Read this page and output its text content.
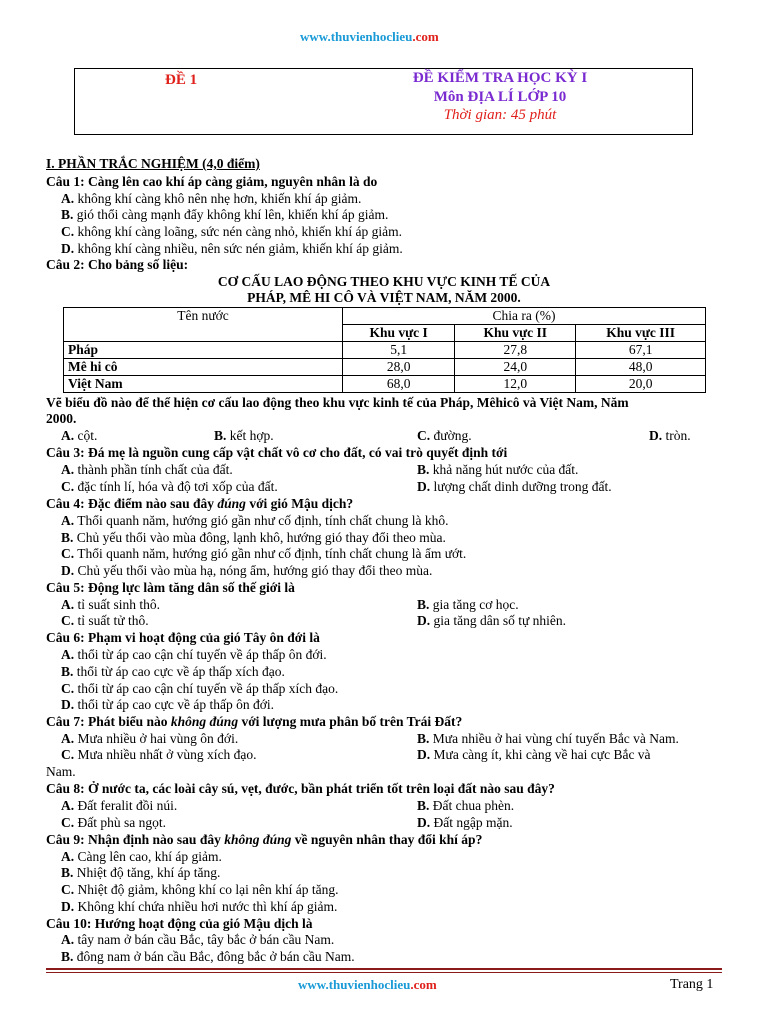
www.thuvienhoclieu.com
ĐỀ 1	ĐỀ KIỂM TRA HỌC KỲ I
Môn ĐỊA LÍ LỚP 10
Thời gian: 45 phút
I. PHẦN TRẮC NGHIỆM (4,0 điểm)
Câu 1: Càng lên cao khí áp càng giảm, nguyên nhân là do
A. không khí càng khô nên nhẹ hơn, khiến khí áp giảm.
B. gió thổi càng mạnh đẩy không khí lên, khiến khí áp giảm.
C. không khí càng loãng, sức nén càng nhỏ, khiến khí áp giảm.
D. không khí càng nhiều, nên sức nén giảm, khiến khí áp giảm.
Câu 2: Cho bảng số liệu:
CƠ CẤU LAO ĐỘNG THEO KHU VỰC KINH TẾ CỦA
PHÁP, MÊ HI CÔ VÀ VIỆT NAM, NĂM 2000.
Tên nước	Chia ra (%)		
	Khu vực I	Khu vực II	Khu vực III
Pháp	5,1	27,8	67,1
Mê hi cô	28,0	24,0	48,0
Việt Nam	68,0	12,0	20,0
Vẽ biểu đồ nào để thể hiện cơ cấu lao động theo khu vực kinh tế của Pháp, Mêhicô và Việt Nam, Năm
2000.
A. cột.	B. kết hợp.	C. đường.	D. tròn.
Câu 3: Đá mẹ là nguồn cung cấp vật chất vô cơ cho đất, có vai trò quyết định tới
A. thành phần tính chất của đất.	B. khả năng hút nước của đất.
C. đặc tính lí, hóa và độ tơi xốp của đất.	D. lượng chất dinh dưỡng trong đất.
Câu 4: Đặc điểm nào sau đây đúng với gió Mậu dịch?
A. Thổi quanh năm, hướng gió gần như cố định, tính chất chung là khô.
B. Chủ yếu thổi vào mùa đông, lạnh khô, hướng gió thay đổi theo mùa.
C. Thổi quanh năm, hướng gió gần như cố định, tính chất chung là ẩm ướt.
D. Chủ yếu thổi vào mùa hạ, nóng ẩm, hướng gió thay đổi theo mùa.
Câu 5: Động lực làm tăng dân số thế giới là
A. tỉ suất sinh thô.	B. gia tăng cơ học.
C. tỉ suất tử thô.	D. gia tăng dân số tự nhiên.
Câu 6: Phạm vi hoạt động của gió Tây ôn đới là
A. thổi từ áp cao cận chí tuyến về áp thấp ôn đới.
B. thổi từ áp cao cực về áp thấp xích đạo.
C. thổi từ áp cao cận chí tuyến về áp thấp xích đạo.
D. thổi từ áp cao cực về áp thấp ôn đới.
Câu 7: Phát biểu nào không đúng với lượng mưa phân bố trên Trái Đất?
A. Mưa nhiều ở hai vùng ôn đới.	B. Mưa nhiều ở hai vùng chí tuyến Bắc và Nam.
C. Mưa nhiều nhất ở vùng xích đạo.	D. Mưa càng ít, khi càng về hai cực Bắc và
Nam.
Câu 8: Ở nước ta, các loài cây sú, vẹt, đước, bần phát triển tốt trên loại đất nào sau đây?
A. Đất feralit đồi núi.	B. Đất chua phèn.
C. Đất phù sa ngọt.	D. Đất ngập mặn.
Câu 9: Nhận định nào sau đây không đúng về nguyên nhân thay đổi khí áp?
A. Càng lên cao, khí áp giảm.
B. Nhiệt độ tăng, khí áp tăng.
C. Nhiệt độ giảm, không khí co lại nên khí áp tăng.
D. Không khí chứa nhiều hơi nước thì khí áp giảm.
Câu 10: Hướng hoạt động của gió Mậu dịch là
A. tây nam ở bán cầu Bắc, tây bắc ở bán cầu Nam.
B. đông nam ở bán cầu Bắc, đông bắc ở bán cầu Nam.
www.thuvienhoclieu.com	Trang 1
